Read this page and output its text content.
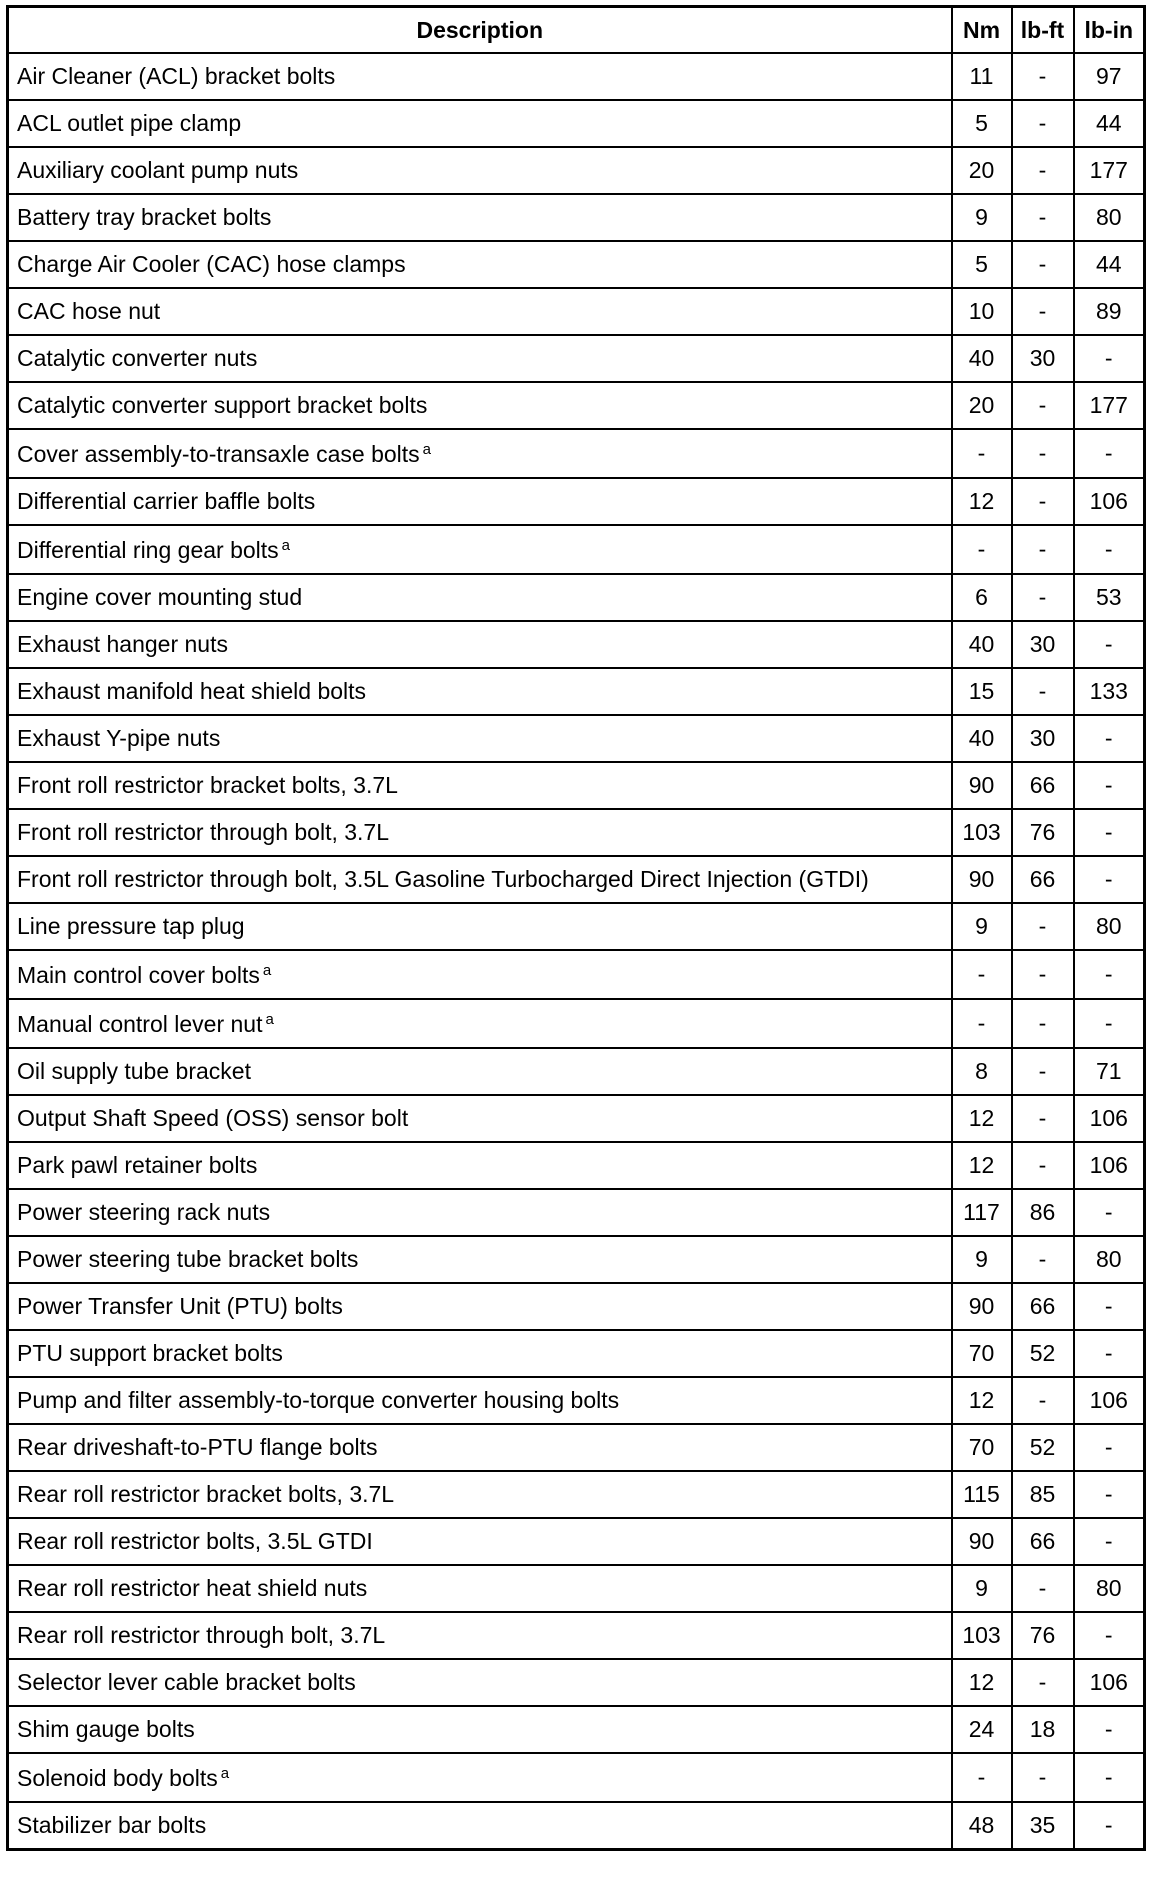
Description	Nm	lb-ft	lb-in
Air Cleaner (ACL) bracket bolts	11	-	97
ACL outlet pipe clamp	5	-	44
Auxiliary coolant pump nuts	20	-	177
Battery tray bracket bolts	9	-	80
Charge Air Cooler (CAC) hose clamps	5	-	44
CAC hose nut	10	-	89
Catalytic converter nuts	40	30	-
Catalytic converter support bracket bolts	20	-	177
Cover assembly-to-transaxle case bolts $^a$	-	-	-
Differential carrier baffle bolts	12	-	106
Differential ring gear bolts $^a$	-	-	-
Engine cover mounting stud	6	-	53
Exhaust hanger nuts	40	30	-
Exhaust manifold heat shield bolts	15	-	133
Exhaust Y-pipe nuts	40	30	-
Front roll restrictor bracket bolts, 3.7L	90	66	-
Front roll restrictor through bolt, 3.7L	103	76	-
Front roll restrictor through bolt, 3.5L Gasoline Turbocharged Direct Injection (GTDI)	90	66	-
Line pressure tap plug	9	-	80
Main control cover bolts $^a$	-	-	-
Manual control lever nut $^a$	-	-	-
Oil supply tube bracket	8	-	71
Output Shaft Speed (OSS) sensor bolt	12	-	106
Park pawl retainer bolts	12	-	106
Power steering rack nuts	117	86	-
Power steering tube bracket bolts	9	-	80
Power Transfer Unit (PTU) bolts	90	66	-
PTU support bracket bolts	70	52	-
Pump and filter assembly-to-torque converter housing bolts	12	-	106
Rear driveshaft-to-PTU flange bolts	70	52	-
Rear roll restrictor bracket bolts, 3.7L	115	85	-
Rear roll restrictor bolts, 3.5L GTDI	90	66	-
Rear roll restrictor heat shield nuts	9	-	80
Rear roll restrictor through bolt, 3.7L	103	76	-
Selector lever cable bracket bolts	12	-	106
Shim gauge bolts	24	18	-
Solenoid body bolts $^a$	-	-	-
Stabilizer bar bolts	48	35	-
